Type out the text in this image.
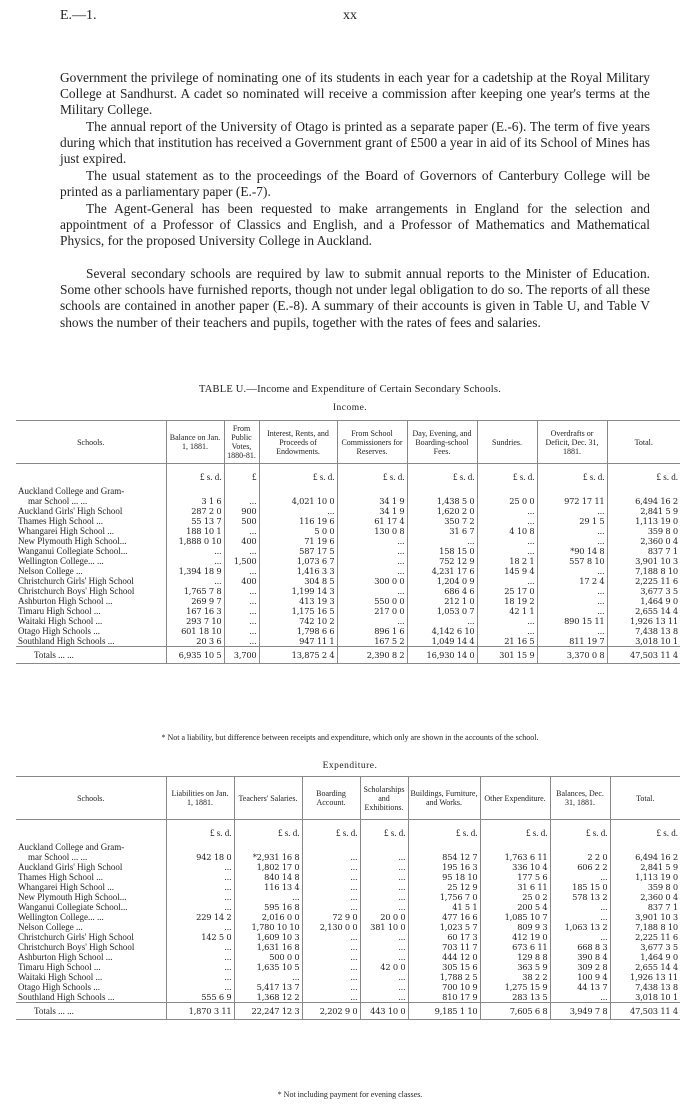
E.—1.	xx

Government the privilege of nominating one of its students in each year for a cadetship at the Royal Military College at Sandhurst. A cadet so nominated will receive a commission after keeping one year's terms at the Military College.

The annual report of the University of Otago is printed as a separate paper (E.-6). The term of five years during which that institution has received a Government grant of £500 a year in aid of its School of Mines has just expired.

The usual statement as to the proceedings of the Board of Governors of Canterbury College will be printed as a parliamentary paper (E.-7).

The Agent-General has been requested to make arrangements in England for the selection and appointment of a Professor of Classics and English, and a Professor of Mathematics and Mathematical Physics, for the proposed University College in Auckland.

Several secondary schools are required by law to submit annual reports to the Minister of Education. Some other schools have furnished reports, though not under legal obligation to do so. The reports of all these schools are contained in another paper (E.-8). A summary of their accounts is given in Table U, and Table V shows the number of their teachers and pupils, together with the rates of fees and salaries.

TABLE U.—Income and Expenditure of Certain Secondary Schools.
Income.
Schools.	Balance on Jan. 1, 1881.	From Public Votes, 1880-81.	Interest, Rents, and Proceeds of Endowments.	From School Commissioners for Reserves.	Day, Evening, and Boarding-school Fees.	Sundries.	Overdrafts or Deficit, Dec. 31, 1881.	Total.
	£ s. d.	£	£ s. d.	£ s. d.	£ s. d.	£ s. d.	£ s. d.	£ s. d.
Auckland College and Gram-								
mar School ... ...	3 1 6	...	4,021 10 0	34 1 9	1,438 5 0	25 0 0	972 17 11	6,494 16 2
Auckland Girls' High School	287 2 0	900	...	34 1 9	1,620 2 0	...	...	2,841 5 9
Thames High School ...	55 13 7	500	116 19 6	61 17 4	350 7 2	...	29 1 5	1,113 19 0
Whangarei High School ...	188 10 1	...	5 0 0	130 0 8	31 6 7	4 10 8	...	359 8 0
New Plymouth High School...	1,888 0 10	400	71 19 6	...	...	...	...	2,360 0 4
Wanganui Collegiate School...	...	...	587 17 5	...	158 15 0	...	*90 14 8	837 7 1
Wellington College... ...	...	1,500	1,073 6 7	...	752 12 9	18 2 1	557 8 10	3,901 10 3
Nelson College ...	1,394 18 9	...	1,416 3 3	...	4,231 17 6	145 9 4	...	7,188 8 10
Christchurch Girls' High School	...	400	304 8 5	300 0 0	1,204 0 9	...	17 2 4	2,225 11 6
Christchurch Boys' High School	1,765 7 8	...	1,199 14 3	...	686 4 6	25 17 0	...	3,677 3 5
Ashburton High School ...	269 9 7	...	413 19 3	550 0 0	212 1 0	18 19 2	...	1,464 9 0
Timaru High School ...	167 16 3	...	1,175 16 5	217 0 0	1,053 0 7	42 1 1	...	2,655 14 4
Waitaki High School ...	293 7 10	...	742 10 2	...	...	...	890 15 11	1,926 13 11
Otago High Schools ...	601 18 10	...	1,798 6 6	896 1 6	4,142 6 10	...	...	7,438 13 8
Southland High Schools ...	20 3 6	...	947 11 1	167 5 2	1,049 14 4	21 16 5	811 19 7	3,018 10 1
Totals ... ...	6,935 10 5	3,700	13,875 2 4	2,390 8 2	16,930 14 0	301 15 9	3,370 0 8	47,503 11 4
* Not a liability, but difference between receipts and expenditure, which only are shown in the accounts of the school.
Expenditure.
Schools.	Liabilities on Jan. 1, 1881.	Teachers' Salaries.	Boarding Account.	Scholarships and Exhibitions.	Buildings, Furniture, and Works.	Other Expenditure.	Balances, Dec. 31, 1881.	Total.
	£ s. d.	£ s. d.	£ s. d.	£ s. d.	£ s. d.	£ s. d.	£ s. d.	£ s. d.
Auckland College and Gram-								
mar School ... ...	942 18 0	*2,931 16 8	...	...	854 12 7	1,763 6 11	2 2 0	6,494 16 2
Auckland Girls' High School	...	1,802 17 0	...	...	195 16 3	336 10 4	606 2 2	2,841 5 9
Thames High School ...	...	840 14 8	...	...	95 18 10	177 5 6	...	1,113 19 0
Whangarei High School ...	...	116 13 4	...	...	25 12 9	31 6 11	185 15 0	359 8 0
New Plymouth High School...	...	...	...	...	1,756 7 0	25 0 2	578 13 2	2,360 0 4
Wanganui Collegiate School...	...	595 16 8	...	...	41 5 1	200 5 4	...	837 7 1
Wellington College... ...	229 14 2	2,016 0 0	72 9 0	20 0 0	477 16 6	1,085 10 7	...	3,901 10 3
Nelson College ...	...	1,780 10 10	2,130 0 0	381 10 0	1,023 5 7	809 9 3	1,063 13 2	7,188 8 10
Christchurch Girls' High School	142 5 0	1,609 10 3	...	...	60 17 3	412 19 0	...	2,225 11 6
Christchurch Boys' High School	...	1,631 16 8	...	...	703 11 7	673 6 11	668 8 3	3,677 3 5
Ashburton High School ...	...	500 0 0	...	...	444 12 0	129 8 8	390 8 4	1,464 9 0
Timaru High School ...	...	1,635 10 5	...	42 0 0	305 15 6	363 5 9	309 2 8	2,655 14 4
Waitaki High School ...	...	...	...	...	1,788 2 5	38 2 2	100 9 4	1,926 13 11
Otago High Schools ...	...	5,417 13 7	...	...	700 10 9	1,275 15 9	44 13 7	7,438 13 8
Southland High Schools ...	555 6 9	1,368 12 2	...	...	810 17 9	283 13 5	...	3,018 10 1
Totals ... ...	1,870 3 11	22,247 12 3	2,202 9 0	443 10 0	9,185 1 10	7,605 6 8	3,949 7 8	47,503 11 4
* Not including payment for evening classes.
